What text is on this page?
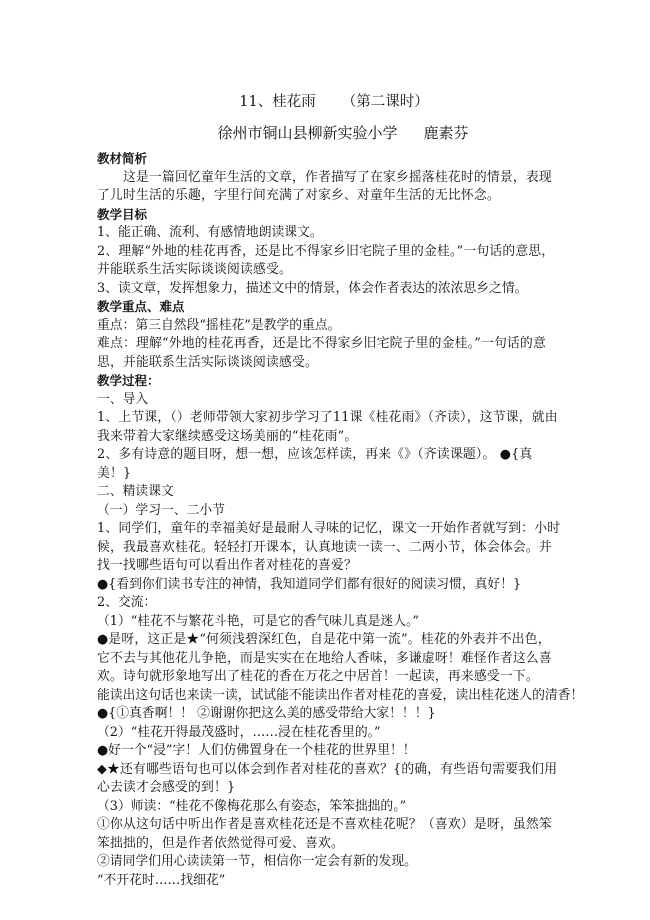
11、桂花雨 （第二课时）
徐州市铜山县柳新实验小学 鹿素芬

教材简析

这是一篇回忆童年生活的文章，作者描写了在家乡摇落桂花时的情景，表现了儿时生活的乐趣，字里行间充满了对家乡、对童年生活的无比怀念。

教学目标

1、能正确、流利、有感情地朗读课文。

2、理解“外地的桂花再香，还是比不得家乡旧宅院子里的金桂。”一句话的意思，并能联系生活实际谈谈阅读感受。

3、读文章，发挥想象力，描述文中的情景，体会作者表达的浓浓思乡之情。

教学重点、难点

重点：第三自然段“摇桂花”是教学的重点。

难点：理解“外地的桂花再香，还是比不得家乡旧宅院子里的金桂。”一句话的意思，并能联系生活实际谈谈阅读感受。

教学过程：

一、导入

1、上节课，（）老师带领大家初步学习了11课《桂花雨》（齐读），这节课，就由我来带着大家继续感受这场美丽的“桂花雨”。

2、多有诗意的题目呀，想一想，应该怎样读，再来《》（齐读课题）。 ●{真美！}

二、精读课文

（一）学习一、二小节

1、同学们，童年的幸福美好是最耐人寻味的记忆，课文一开始作者就写到：小时候，我最喜欢桂花。轻轻打开课本，认真地读一读一、二两小节，体会体会。并找一找哪些语句可以看出作者对桂花的喜爱？

●{看到你们读书专注的神情，我知道同学们都有很好的阅读习惯，真好！}

2、交流：

（1）“桂花不与繁花斗艳，可是它的香气味儿真是迷人。”

●是呀，这正是★“何须浅碧深红色，自是花中第一流”。桂花的外表并不出色，它不去与其他花儿争艳，而是实实在在地给人香味，多谦虚呀！难怪作者这么喜欢。诗句就形象地写出了桂花的香在万花之中居首！一起读，再来感受一下。

能读出这句话也来读一读，试试能不能读出作者对桂花的喜爱，读出桂花迷人的清香！

●{①真香啊！！ ②谢谢你把这么美的感受带给大家！！！}

（2）“桂花开得最茂盛时，……浸在桂花香里的。”

●好一个“浸”字！人们仿佛置身在一个桂花的世界里！！

◆★还有哪些语句也可以体会到作者对桂花的喜欢？{的确，有些语句需要我们用心去读才会感受的到！}

（3）师读：“桂花不像梅花那么有姿态，笨笨拙拙的。”

①你从这句话中听出作者是喜欢桂花还是不喜欢桂花呢？（喜欢）是呀，虽然笨笨拙拙的，但是作者依然觉得可爱、喜欢。

②请同学们用心读读第一节，相信你一定会有新的发现。

“不开花时……找细花”
